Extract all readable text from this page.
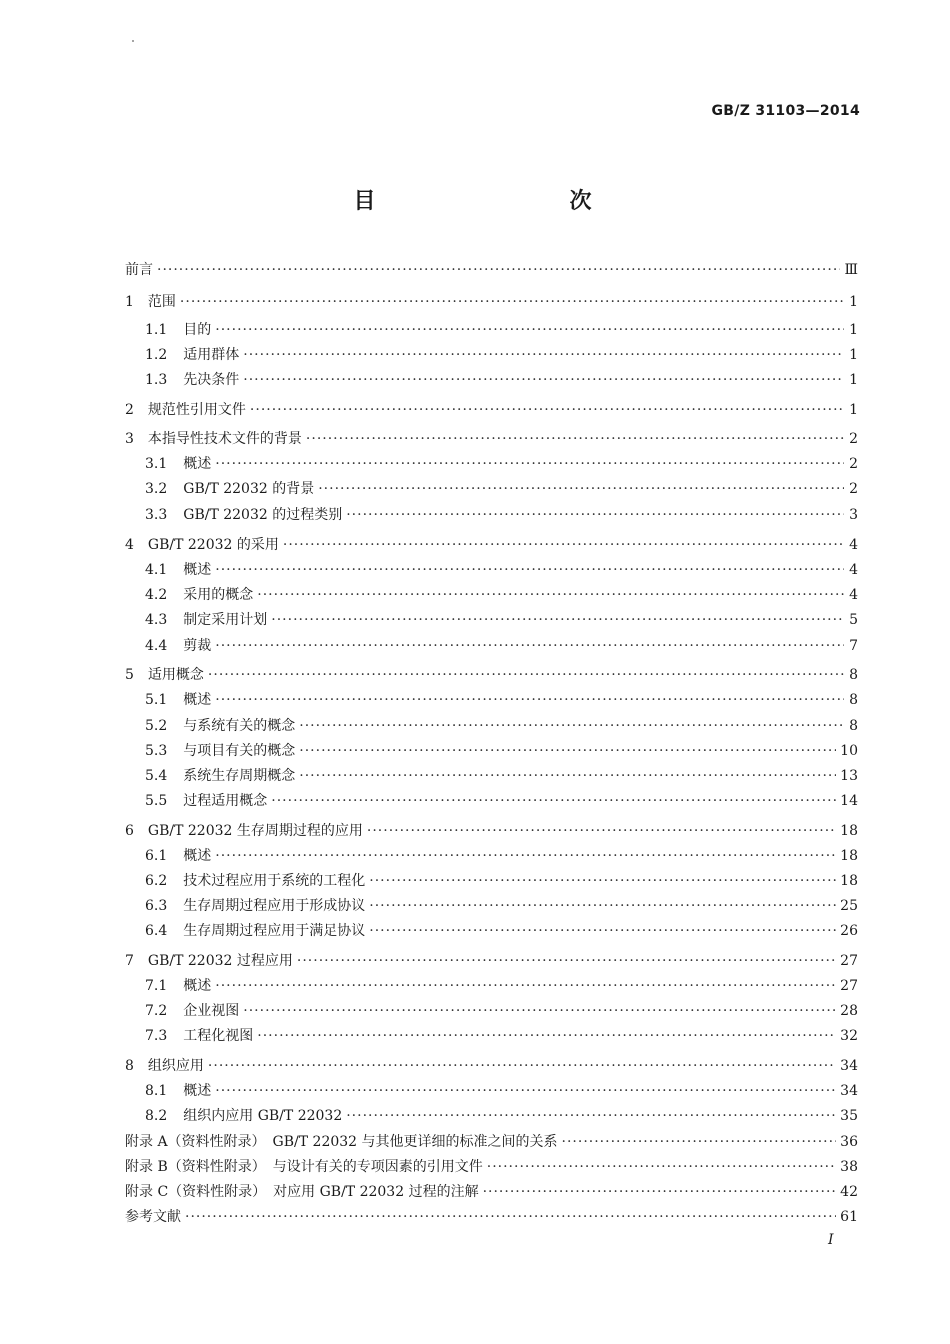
GB/Z 31103—2014
目　　次
前言 ·····	Ⅲ
1 范围 ·····	1
1.1 目的 ·····	1
1.2 适用群体 ·····	1
1.3 先决条件 ·····	1
2 规范性引用文件 ·····	1
3 本指导性技术文件的背景 ·····	2
3.1 概述 ·····	2
3.2 GB/T 22032 的背景 ·····	2
3.3 GB/T 22032 的过程类别 ·····	3
4 GB/T 22032 的采用 ·····	4
4.1 概述 ·····	4
4.2 采用的概念 ·····	4
4.3 制定采用计划 ·····	5
4.4 剪裁 ·····	7
5 适用概念 ·····	8
5.1 概述 ·····	8
5.2 与系统有关的概念 ·····	8
5.3 与项目有关的概念 ·····	10
5.4 系统生存周期概念 ·····	13
5.5 过程适用概念 ·····	14
6 GB/T 22032 生存周期过程的应用 ·····	18
6.1 概述 ·····	18
6.2 技术过程应用于系统的工程化 ·····	18
6.3 生存周期过程应用于形成协议 ·····	25
6.4 生存周期过程应用于满足协议 ·····	26
7 GB/T 22032 过程应用 ·····	27
7.1 概述 ·····	27
7.2 企业视图 ·····	28
7.3 工程化视图 ·····	32
8 组织应用 ·····	34
8.1 概述 ·····	34
8.2 组织内应用 GB/T 22032 ·····	35
附录 A（资料性附录）　GB/T 22032 与其他更详细的标准之间的关系 ·····	36
附录 B（资料性附录）　与设计有关的专项因素的引用文件 ·····	38
附录 C（资料性附录）　对应用 GB/T 22032 过程的注解 ·····	42
参考文献 ·····	61
I
